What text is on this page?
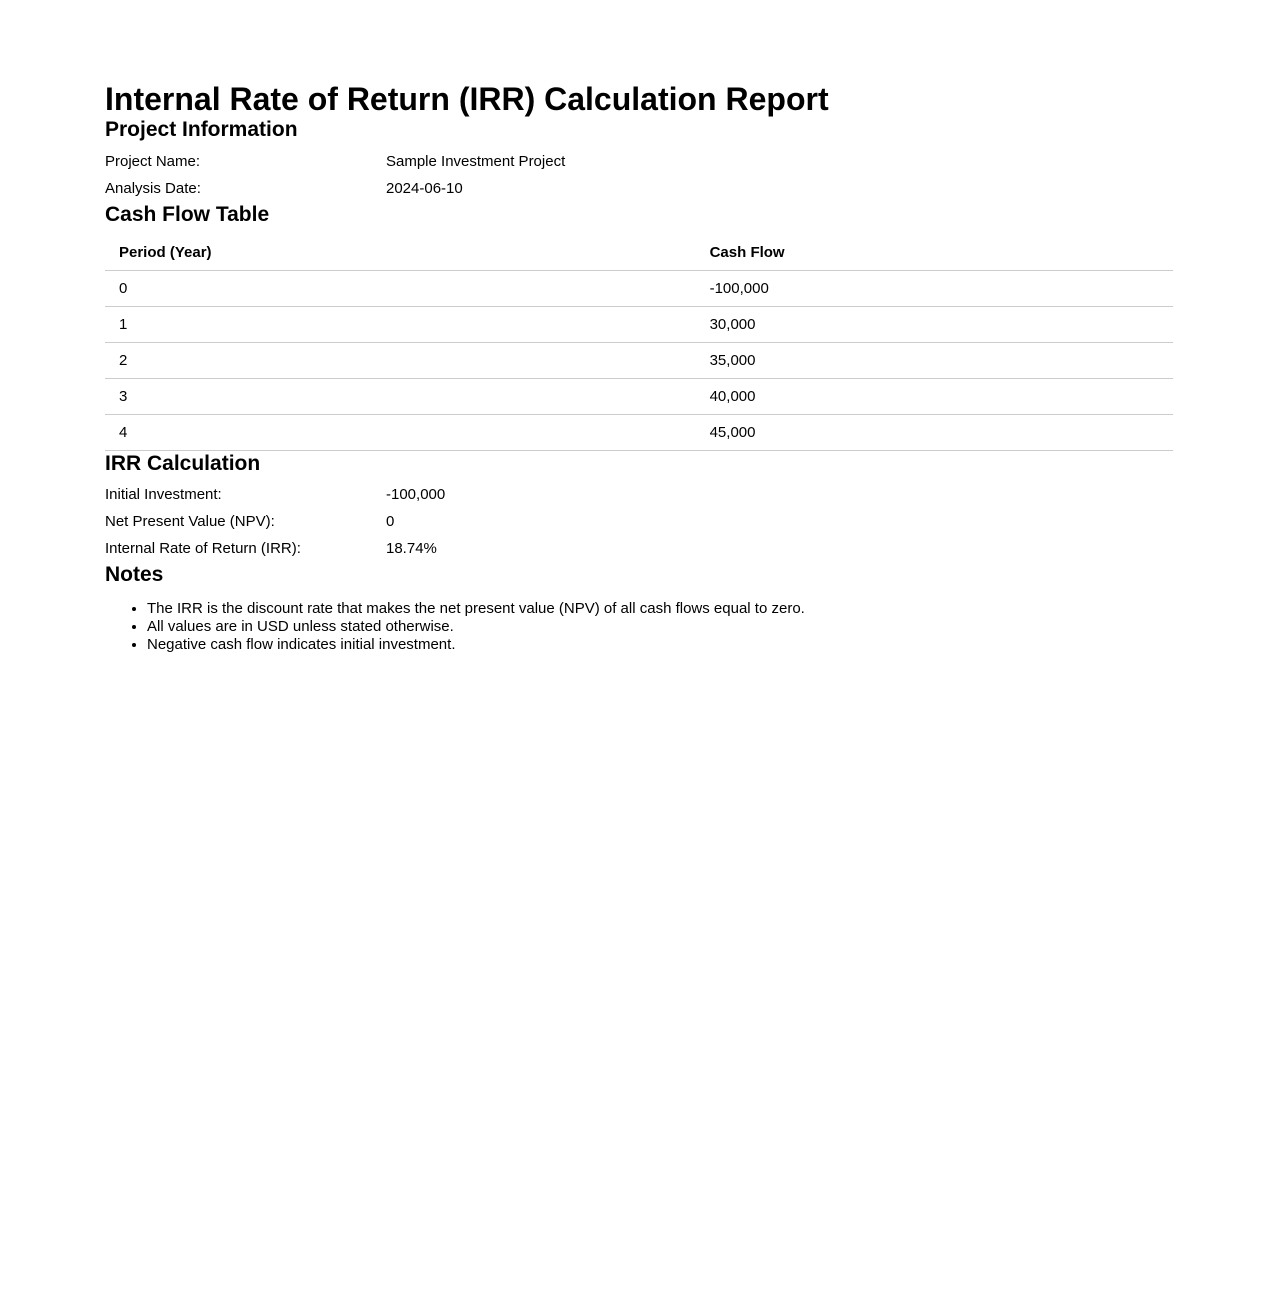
Internal Rate of Return (IRR) Calculation Report
Project Information
Project Name:	Sample Investment Project
Analysis Date:	2024-06-10
Cash Flow Table
Period (Year)	Cash Flow
0	-100,000
1	30,000
2	35,000
3	40,000
4	45,000
IRR Calculation
Initial Investment:	-100,000
Net Present Value (NPV):	0
Internal Rate of Return (IRR):	18.74%
Notes
• The IRR is the discount rate that makes the net present value (NPV) of all cash flows equal to zero.
• All values are in USD unless stated otherwise.
• Negative cash flow indicates initial investment.
